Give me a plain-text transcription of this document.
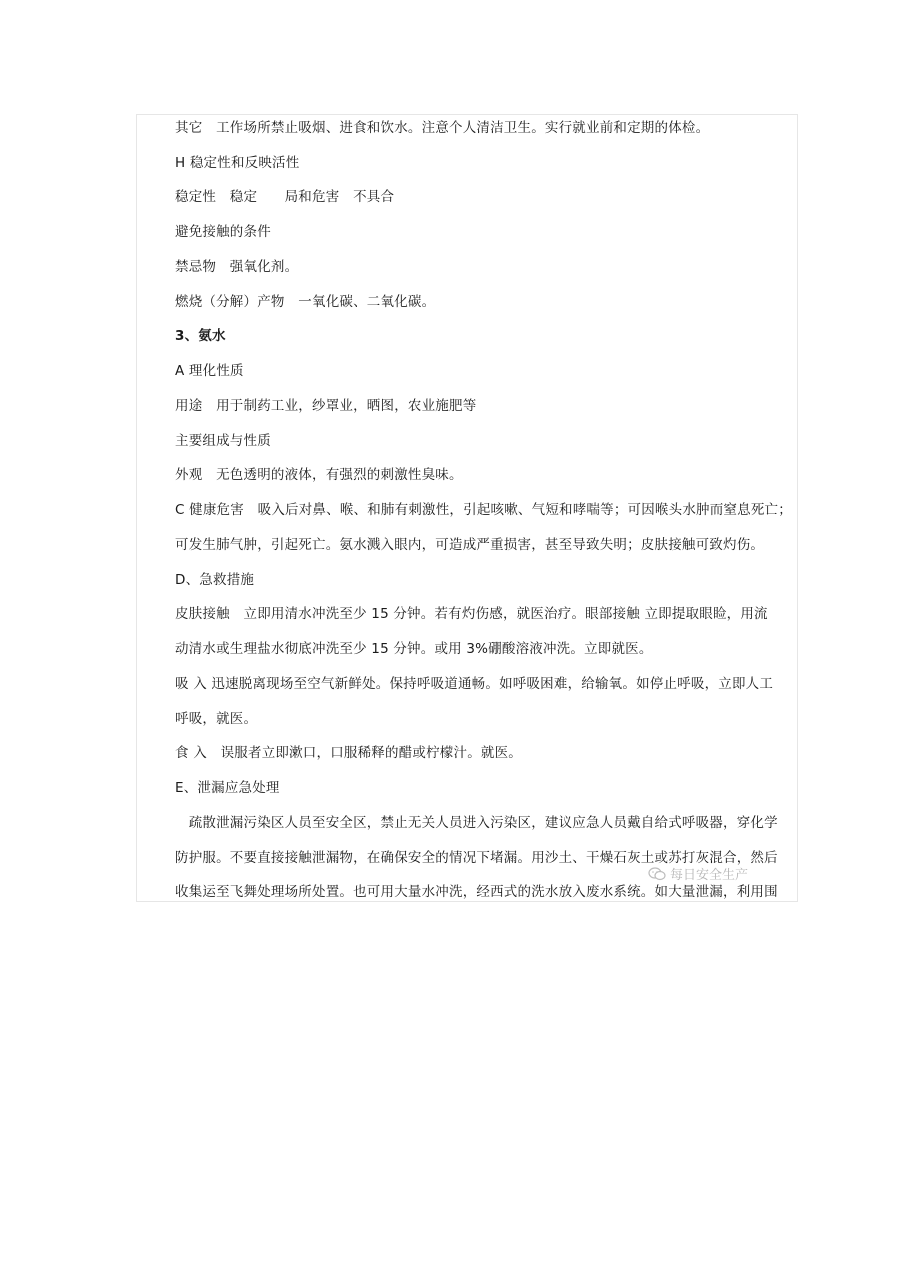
其它　工作场所禁止吸烟、进食和饮水。注意个人清洁卫生。实行就业前和定期的体检。
H 稳定性和反映活性
稳定性　稳定　　局和危害　不具合
避免接触的条件
禁忌物　强氧化剂。
燃烧（分解）产物　一氧化碳、二氧化碳。
3、氨水
A 理化性质
用途　用于制药工业，纱罩业，晒图，农业施肥等
主要组成与性质
外观　无色透明的液体，有强烈的刺激性臭味。
C 健康危害　吸入后对鼻、喉、和肺有刺激性，引起咳嗽、气短和哮喘等；可因喉头水肿而窒息死亡；
可发生肺气肿，引起死亡。氨水溅入眼内，可造成严重损害，甚至导致失明；皮肤接触可致灼伤。
D、急救措施
皮肤接触　立即用清水冲洗至少 15 分钟。若有灼伤感，就医治疗。眼部接触 立即提取眼睑，用流
动清水或生理盐水彻底冲洗至少 15 分钟。或用 3%硼酸溶液冲洗。立即就医。
吸 入 迅速脱离现场至空气新鲜处。保持呼吸道通畅。如呼吸困难，给输氧。如停止呼吸，立即人工
呼吸，就医。
食 入　误服者立即漱口，口服稀释的醋或柠檬汁。就医。
E、泄漏应急处理
　疏散泄漏污染区人员至安全区，禁止无关人员进入污染区，建议应急人员戴自给式呼吸器，穿化学
防护服。不要直接接触泄漏物，在确保安全的情况下堵漏。用沙土、干燥石灰土或苏打灰混合，然后
收集运至飞舞处理场所处置。也可用大量水冲洗，经西式的洗水放入废水系统。如大量泄漏，利用围
每日安全生产
